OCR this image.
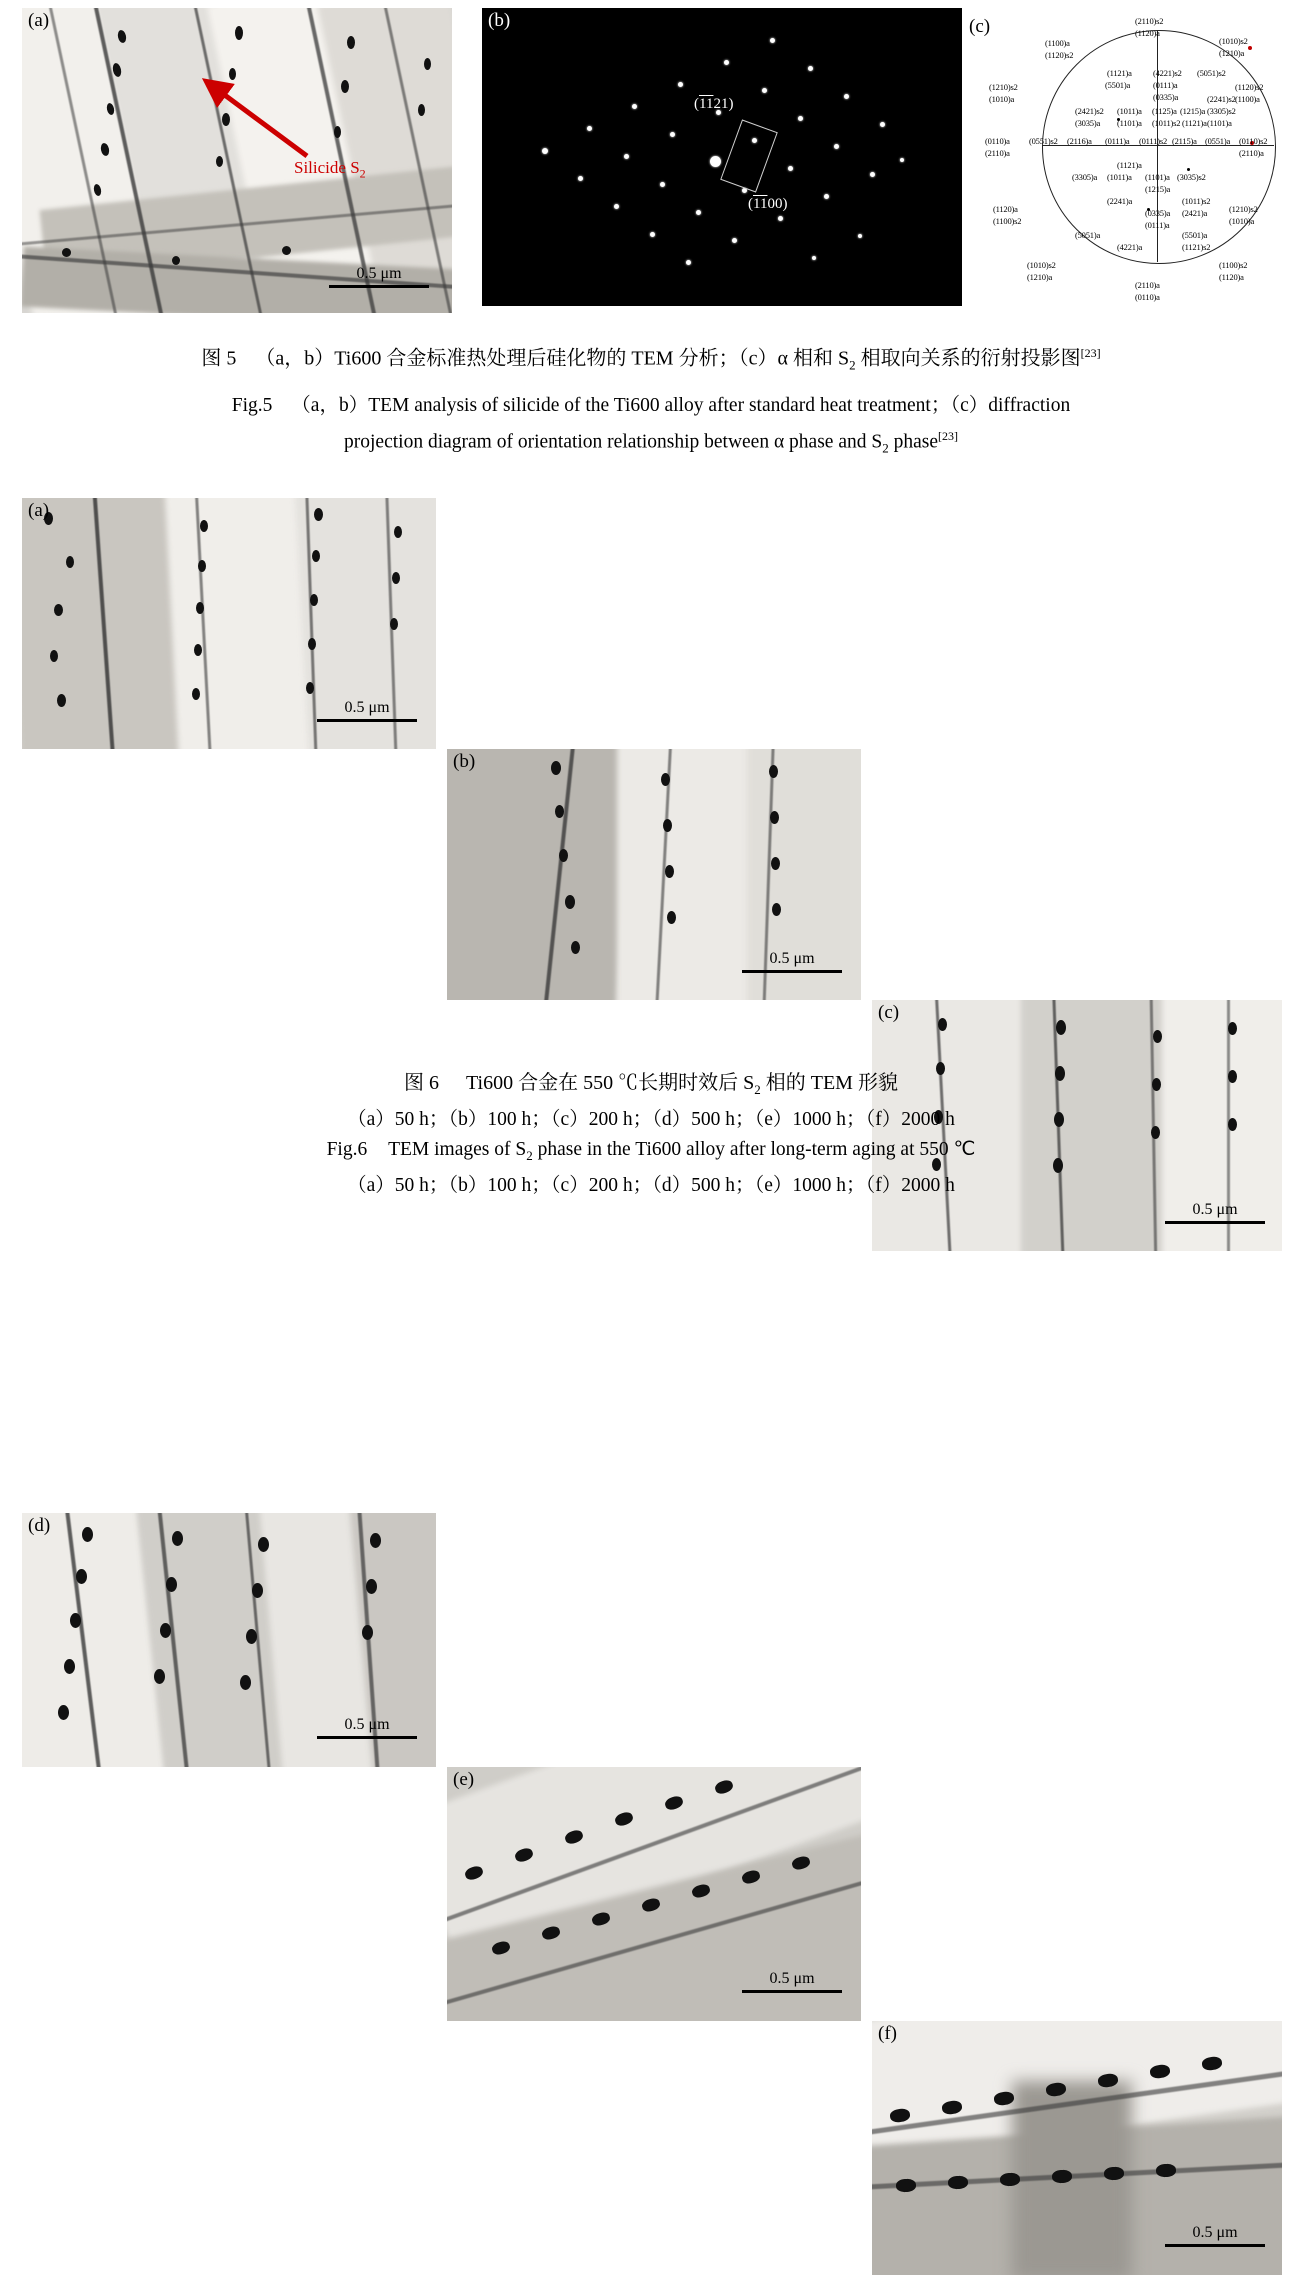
(a)
Silicide $S_2$
0.5 μm
(b)
(1121)
(1100)
(c)	(2110)s2
(1120)a
(1100)a
(1120)s2
(1010)s2
(1210)a
(1121)a
(5501)a
(4221)s2
(0111)a
(0335)a
(5051)s2
(1120)s2
(1100)a
(1210)s2
(1010)a
(2421)s2 (1011)a (1125)a (1215)a (3305)s2
(2241)s2
(1101)a
(3035)a (1101)a (1011)s2 (1121)a
(0110)a
(2110)a
(0551)s2 (2116)a (0111)a (0111)s2 (2115)a (0551)a (0110)s2
(2110)a
(1121)a
(3305)a (1011)a (1101)a (3035)s2
(1215)a
(2241)a	(1011)s2
(2421)a
(1120)a
(1100)s2
(0335)a
(0111)a
(1210)s2
(1010)a
(5051)a
(4221)a
(5501)a
(1121)s2
(1010)s2
(1210)a
(1100)s2
(1120)a
(2110)a
(0110)a
图 5 （a，b）Ti600 合金标准热处理后硅化物的 TEM 分析；（c）α 相和 $S_2$ 相取向关系的衍射投影图[23]
Fig.5 （a，b）TEM analysis of silicide of the Ti600 alloy after standard heat treatment；（c）diffraction
projection diagram of orientation relationship between α phase and $S_2$ phase[23]
(a)
0.5 μm
(b)
0.5 μm
(c)
0.5 μm
(d)
0.5 μm
(e)
0.5 μm
(f)
0.5 μm
图 6 Ti600 合金在 550 ℃长期时效后 $S_2$ 相的 TEM 形貌
（a）50 h；（b）100 h；（c）200 h；（d）500 h；（e）1000 h；（f）2000 h
Fig.6 TEM images of $S_2$ phase in the Ti600 alloy after long-term aging at 550 ℃
（a）50 h；（b）100 h；（c）200 h；（d）500 h；（e）1000 h；（f）2000 h
